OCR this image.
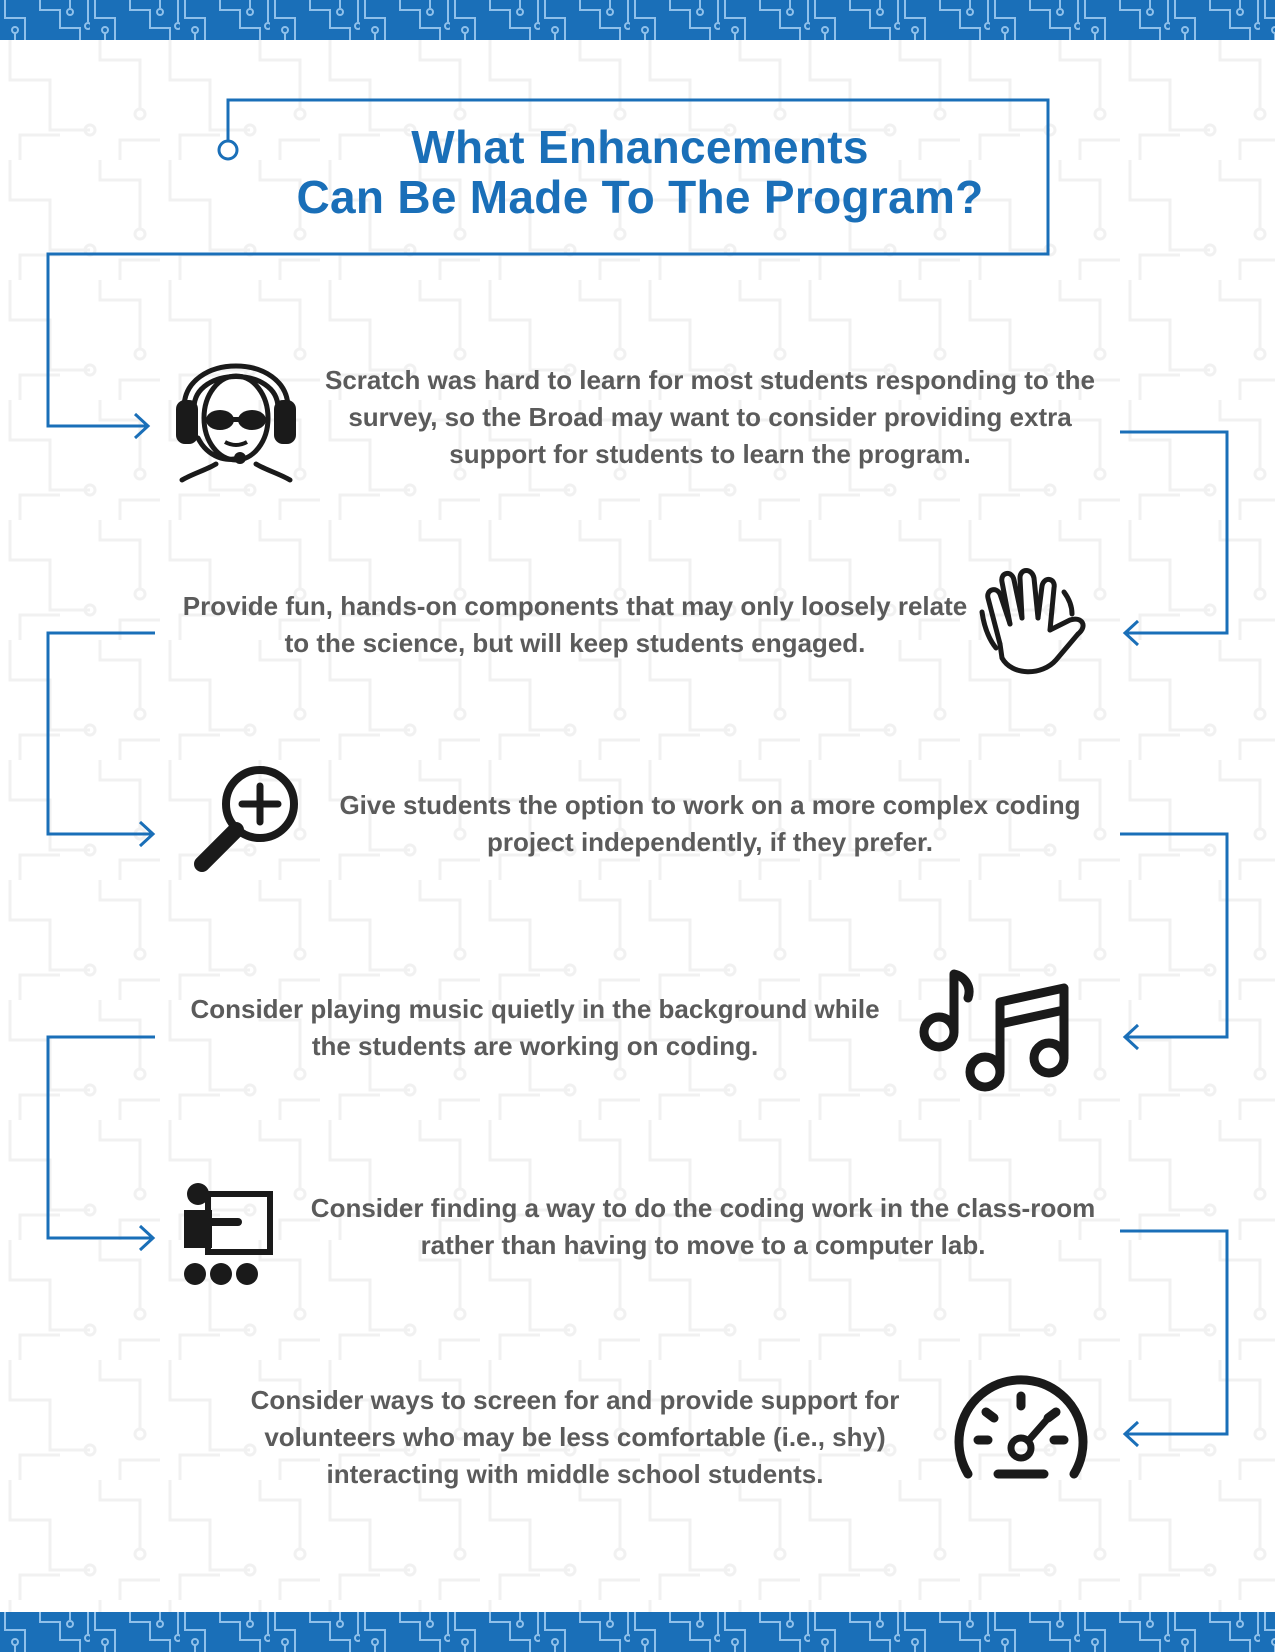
What Enhancements
Can Be Made To The Program?

Scratch was hard to learn for most students responding to the survey, so the Broad may want to consider providing extra support for students to learn the program.

Provide fun, hands-on components that may only loosely relate to the science, but will keep students engaged.

Give students the option to work on a more complex coding project independently, if they prefer.

Consider playing music quietly in the background while the students are working on coding.

Consider finding a way to do the coding work in the class-room rather than having to move to a computer lab.

Consider ways to screen for and provide support for volunteers who may be less comfortable (i.e., shy) interacting with middle school students.
